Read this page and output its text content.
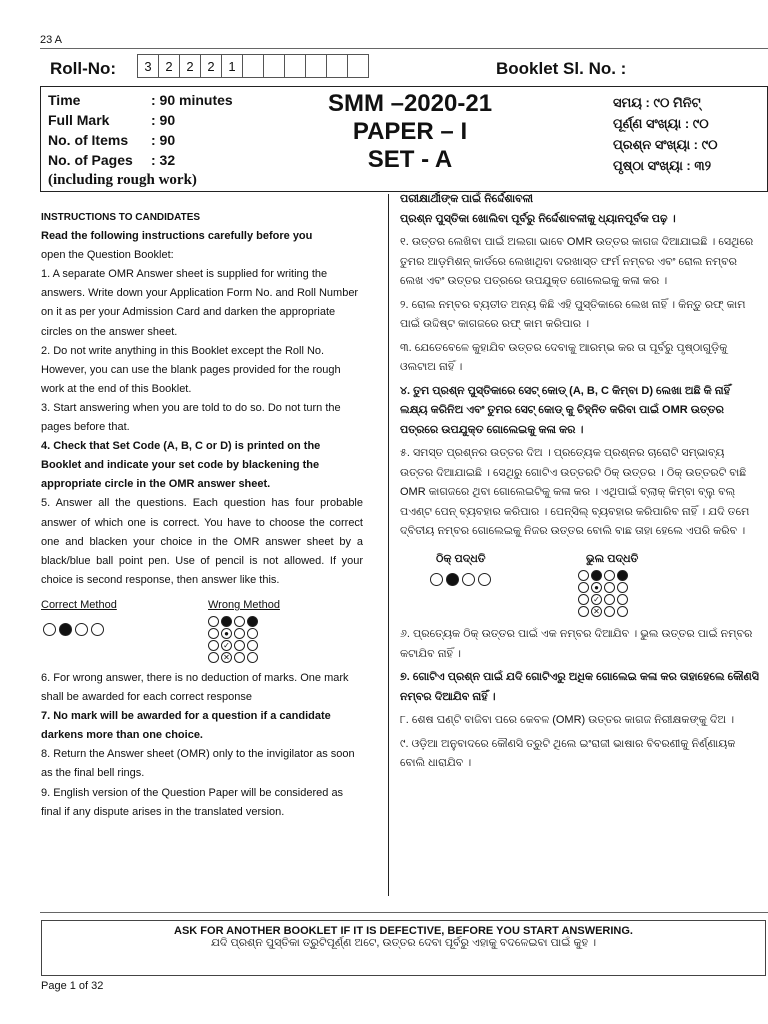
23 A
Roll-No:	3	2	2	2	1	Booklet Sl. No. :
Time	: 90 minutes
Full Mark	: 90
No. of Items	: 90
No. of Pages	: 32
(including rough work)
SMM –2020-21
PAPER – I
SET - A
ସମୟ : ୯୦ ମିନିଟ୍
ପୂର୍ଣ୍ଣ ସଂଖ୍ୟା : ୯୦
ପ୍ରଶ୍ନ ସଂଖ୍ୟା : ୯୦
ପୃଷ୍ଠା ସଂଖ୍ୟା : ୩୨

INSTRUCTIONS TO CANDIDATES

Read the following instructions carefully before you

open the Question Booklet:

1. A separate OMR Answer sheet is supplied for writing the answers. Write down your Application Form No. and Roll Number on it as per your Admission Card and darken the appropriate circles on the answer sheet.

2. Do not write anything in this Booklet except the Roll No. However, you can use the blank pages provided for the rough work at the end of this Booklet.

3. Start answering when you are told to do so. Do not turn the pages before that.

4. Check that Set Code (A, B, C or D) is printed on the Booklet and indicate your set code by blackening the appropriate circle in the OMR answer sheet.

5. Answer all the questions. Each question has four probable answer of which one is correct. You have to choose the correct one and blacken your choice in the OMR answer sheet by a black/blue ball point pen. Use of pencil is not allowed. If your choice is second response, then answer like this.

Correct Method	Wrong Method
●
✓
✕

6. For wrong answer, there is no deduction of marks. One mark shall be awarded for each correct response

7. No mark will be awarded for a question if a candidate darkens more than one choice.

8. Return the Answer sheet (OMR) only to the invigilator as soon as the final bell rings.

9. English version of the Question Paper will be considered as final if any dispute arises in the translated version.

ପରୀକ୍ଷାର୍ଥୀଙ୍କ ପାଇଁ ନିର୍ଦ୍ଦେଶାବଳୀ

ପ୍ରଶ୍ନ ପୁସ୍ତିକା ଖୋଲିବା ପୂର୍ବରୁ ନିର୍ଦ୍ଦେଶାବଳୀକୁ ଧ୍ୟାନପୂର୍ବକ ପଢ଼ ।

୧. ଉତ୍ତର ଲେଖିବା ପାଇଁ ଅଲଗା ଭାବେ OMR ଉତ୍ତର କାଗଜ ଦିଆଯାଇଛି । ସେଥିରେ ତୁମର ଆଡ଼ମିଶନ୍ କାର୍ଡରେ ଲେଖାଥିବା ଦରଖାସ୍ତ ଫର୍ମ ନମ୍ବର ଏବଂ ରୋଲ ନମ୍ବର ଲେଖ ଏବଂ ଉତ୍ତର ପତ୍ରରେ ଉପଯୁକ୍ତ ଗୋଲେଇକୁ କଳା କର ।

୨. ରୋଲ ନମ୍ବର ବ୍ୟତୀତ ଅନ୍ୟ କିଛି ଏହି ପୁସ୍ତିକାରେ ଲେଖ ନାହିଁ । କିନ୍ତୁ ରଫ୍ କାମ ପାଇଁ ଉଦ୍ଦିଷ୍ଟ କାଗଜରେ ରଫ୍ କାମ କରିପାର ।

୩. ଯେତେବେଳେ କୁହାଯିବ ଉତ୍ତର ଦେବାକୁ ଆରମ୍ଭ କର ତା ପୂର୍ବରୁ ପୃଷ୍ଠାଗୁଡ଼ିକୁ ଓଲଟାଅ ନାହିଁ ।

୪. ତୁମ ପ୍ରଶ୍ନ ପୁସ୍ତିକାରେ ସେଟ୍ କୋଡ୍ (A, B, C କିମ୍ବା D) ଲେଖା ଅଛି କି ନାହିଁ ଲକ୍ଷ୍ୟ କରିନିଅ ଏବଂ ତୁମର ସେଟ୍ କୋଡ୍ କୁ ଚିହ୍ନିତ କରିବା ପାଇଁ OMR ଉତ୍ତର ପତ୍ରରେ ଉପଯୁକ୍ତ ଗୋଲେଇକୁ କଳା କର ।

୫. ସମସ୍ତ ପ୍ରଶ୍ନର ଉତ୍ତର ଦିଅ । ପ୍ରତ୍ୟେକ ପ୍ରଶ୍ନର ଚାରୋଟି ସମ୍ଭାବ୍ୟ ଉତ୍ତର ଦିଆଯାଇଛି । ସେଥିରୁ ଗୋଟିଏ ଉତ୍ତରଟି ଠିକ୍ ଉତ୍ତର । ଠିକ୍ ଉତ୍ତରଟି ବାଛି OMR କାଗଜରେ ଥିବା ଗୋଲେଇଟିକୁ କଳା କର । ଏଥିପାଇଁ ବ୍ଲାକ୍ କିମ୍ବା ବ୍ଲୁ ବଲ୍ ପଏଣ୍ଟ ପେନ୍ ବ୍ୟବହାର କରିପାର । ପେନ୍ସିଲ୍ ବ୍ୟବହାର କରିପାରିବ ନାହିଁ । ଯଦି ତମେ ଦ୍ବିତୀୟ ନମ୍ବର ଗୋଲେଇକୁ ନିଜର ଉତ୍ତର ବୋଲି ବାଛ ତାହା ହେଲେ ଏପରି କରିବ ।

ଠିକ୍ ପଦ୍ଧତି	ଭୁଲ ପଦ୍ଧତି
●
✓
✕

୬. ପ୍ରତ୍ୟେକ ଠିକ୍ ଉତ୍ତର ପାଇଁ ଏକ ନମ୍ବର ଦିଆଯିବ । ଭୁଲ ଉତ୍ତର ପାଇଁ ନମ୍ବର କଟାଯିବ ନାହିଁ ।

୭. ଗୋଟିଏ ପ୍ରଶ୍ନ ପାଇଁ ଯଦି ଗୋଟିଏରୁ ଅଧିକ ଗୋଲେଇ କଳା କର ତାହାହେଲେ କୌଣସି ନମ୍ବର ଦିଆଯିବ ନାହିଁ ।

୮. ଶେଷ ଘଣ୍ଟି ବାଜିବା ପରେ କେବଳ (OMR) ଉତ୍ତର କାଗଜ ନିରୀକ୍ଷକଙ୍କୁ ଦିଅ ।

୯. ଓଡ଼ିଆ ଅନୁବାଦରେ କୌଣସି ତ୍ରୁଟି ଥିଲେ ଇଂରାଜୀ ଭାଷାର ବିବରଣୀକୁ ନିର୍ଣ୍ଣାୟକ ବୋଲି ଧାରାଯିବ ।

ASK FOR ANOTHER BOOKLET IF IT IS DEFECTIVE, BEFORE YOU START ANSWERING.
ଯଦି ପ୍ରଶ୍ନ ପୁସ୍ତିକା ତ୍ରୁଟିପୂର୍ଣ୍ଣ ଅଟେ, ଉତ୍ତର ଦେବା ପୂର୍ବରୁ ଏହାକୁ ବଦଳେଇବା ପାଇଁ କୁହ ।
Page 1 of 32
